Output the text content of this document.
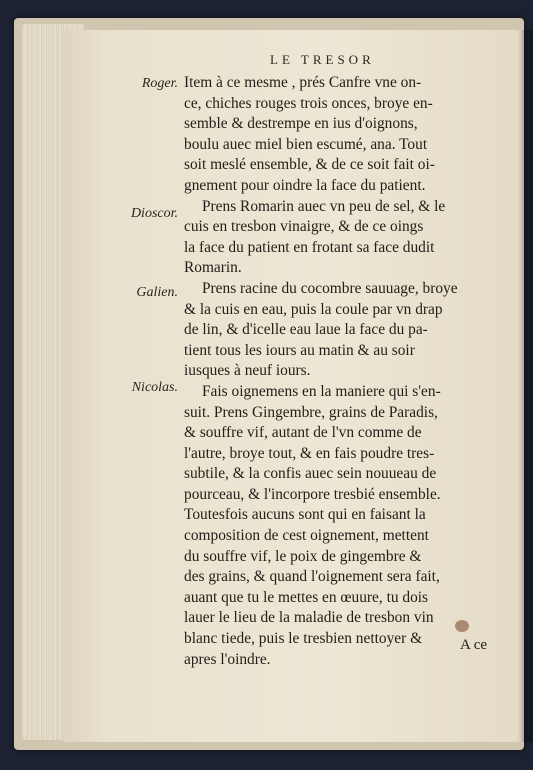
LE TRESOR
Roger.
Dioscor.
Galien.
Nicolas.
Item à ce mesme , prés Canfre vne on-
ce, chiches rouges trois onces, broye en-
semble & destrempe en ius d'oignons,
boulu auec miel bien escumé, ana. Tout
soit meslé ensemble, & de ce soit fait oi-
gnement pour oindre la face du patient.
Prens Romarin auec vn peu de sel, & le
cuis en tresbon vinaigre, & de ce oings
la face du patient en frotant sa face dudit
Romarin.
Prens racine du cocombre sauuage, broye
& la cuis en eau, puis la coule par vn drap
de lin, & d'icelle eau laue la face du pa-
tient tous les iours au matin & au soir
iusques à neuf iours.
Fais oignemens en la maniere qui s'en-
suit. Prens Gingembre, grains de Paradis,
& souffre vif, autant de l'vn comme de
l'autre, broye tout, & en fais poudre tres-
subtile, & la confis auec sein nouueau de
pourceau, & l'incorpore tresbié ensemble.
Toutesfois aucuns sont qui en faisant la
composition de cest oignement, mettent
du souffre vif, le poix de gingembre &
des grains, & quand l'oignement sera fait,
auant que tu le mettes en œuure, tu dois
lauer le lieu de la maladie de tresbon vin
blanc tiede, puis le tresbien nettoyer &
apres l'oindre.
A ce
